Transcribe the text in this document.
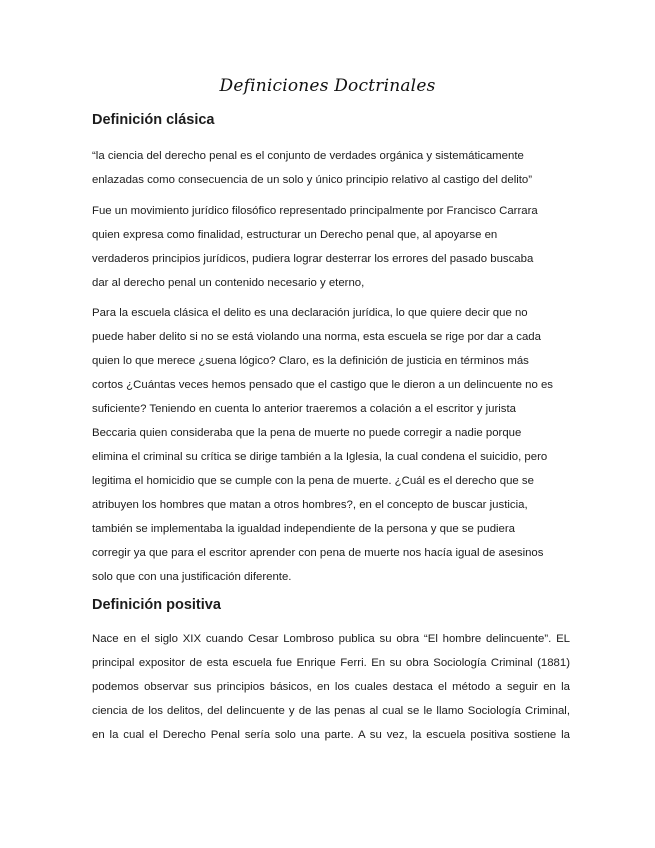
Definiciones Doctrinales
Definición clásica
“la ciencia del derecho penal es el conjunto de verdades orgánica y sistemáticamente
enlazadas como consecuencia de un solo y único principio relativo al castigo del delito”
Fue un movimiento jurídico filosófico representado principalmente por Francisco Carrara
quien expresa como finalidad, estructurar un Derecho penal que, al apoyarse en
verdaderos principios jurídicos, pudiera lograr desterrar los errores del pasado buscaba
dar al derecho penal un contenido necesario y eterno,
Para la escuela clásica el delito es una declaración jurídica, lo que quiere decir que no
puede haber delito si no se está violando una norma, esta escuela se rige por dar a cada
quien lo que merece ¿suena lógico? Claro, es la definición de justicia en términos más
cortos ¿Cuántas veces hemos pensado que el castigo que le dieron a un delincuente no es
suficiente? Teniendo en cuenta lo anterior traeremos a colación a el escritor y jurista
Beccaria quien consideraba que la pena de muerte no puede corregir a nadie porque
elimina el criminal su crítica se dirige también a la Iglesia, la cual condena el suicidio, pero
legitima el homicidio que se cumple con la pena de muerte. ¿Cuál es el derecho que se
atribuyen los hombres que matan a otros hombres?, en el concepto de buscar justicia,
también se implementaba la igualdad independiente de la persona y que se pudiera
corregir ya que para el escritor aprender con pena de muerte nos hacía igual de asesinos
solo que con una justificación diferente.
Definición positiva
Nace en el siglo XIX cuando Cesar Lombroso publica su obra “El hombre delincuente”. EL
principal expositor de esta escuela fue Enrique Ferri. En su obra Sociología Criminal (1881)
podemos observar sus principios básicos, en los cuales destaca el método a seguir en la
ciencia de los delitos, del delincuente y de las penas al cual se le llamo Sociología Criminal,
en la cual el Derecho Penal sería solo una parte. A su vez, la escuela positiva sostiene la
